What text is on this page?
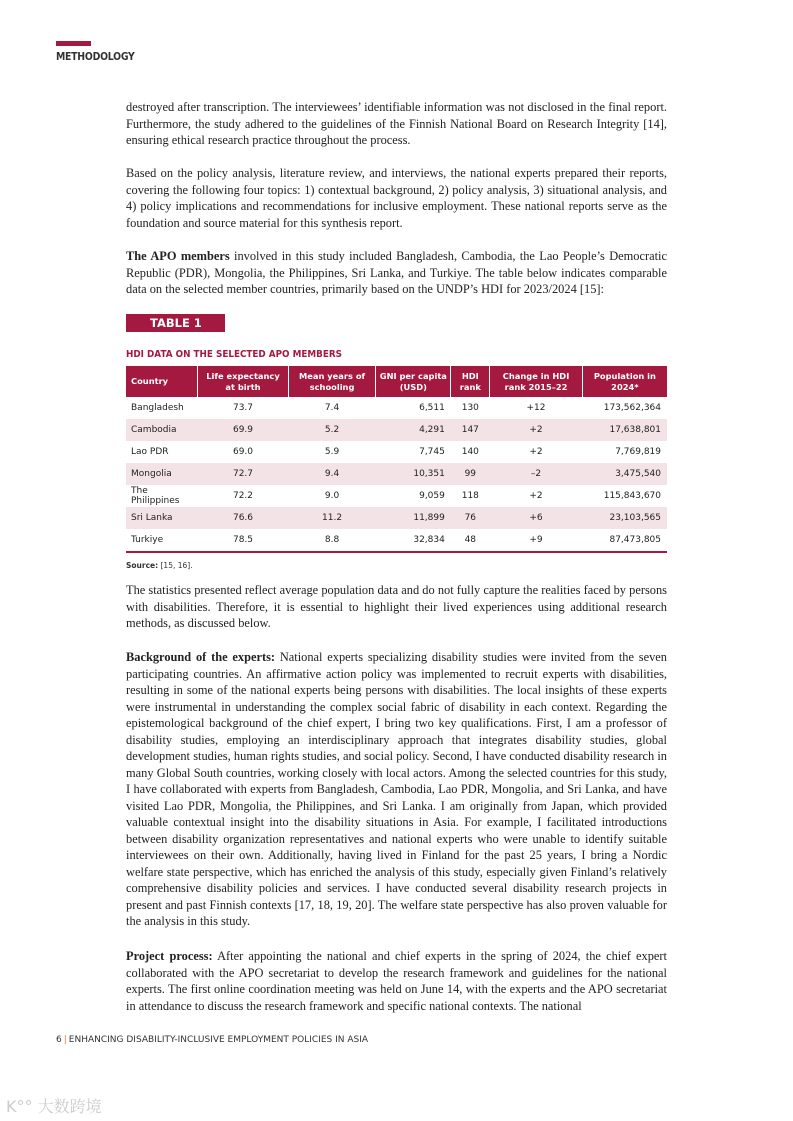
METHODOLOGY

destroyed after transcription. The interviewees’ identifiable information was not disclosed in the final report. Furthermore, the study adhered to the guidelines of the Finnish National Board on Research Integrity [14], ensuring ethical research practice throughout the process.

Based on the policy analysis, literature review, and interviews, the national experts prepared their reports, covering the following four topics: 1) contextual background, 2) policy analysis, 3) situational analysis, and 4) policy implications and recommendations for inclusive employment. These national reports serve as the foundation and source material for this synthesis report.

The APO members involved in this study included Bangladesh, Cambodia, the Lao People’s Democratic Republic (PDR), Mongolia, the Philippines, Sri Lanka, and Turkiye. The table below indicates comparable data on the selected member countries, primarily based on the UNDP’s HDI for 2023/2024 [15]:

TABLE 1
HDI DATA ON THE SELECTED APO MEMBERS
Country	Life expectancy at birth	Mean years of schooling	GNI per capita (USD)	HDI rank	Change in HDI rank 2015–22	Population in 2024*
Bangladesh	73.7	7.4	6,511	130	+12	173,562,364
Cambodia	69.9	5.2	4,291	147	+2	17,638,801
Lao PDR	69.0	5.9	7,745	140	+2	7,769,819
Mongolia	72.7	9.4	10,351	99	–2	3,475,540
The Philippines	72.2	9.0	9,059	118	+2	115,843,670
Sri Lanka	76.6	11.2	11,899	76	+6	23,103,565
Turkiye	78.5	8.8	32,834	48	+9	87,473,805
Source: [15, 16].

The statistics presented reflect average population data and do not fully capture the realities faced by persons with disabilities. Therefore, it is essential to highlight their lived experiences using additional research methods, as discussed below.

Background of the experts: National experts specializing disability studies were invited from the seven participating countries. An affirmative action policy was implemented to recruit experts with disabilities, resulting in some of the national experts being persons with disabilities. The local insights of these experts were instrumental in understanding the complex social fabric of disability in each context. Regarding the epistemological background of the chief expert, I bring two key qualifications. First, I am a professor of disability studies, employing an interdisciplinary approach that integrates disability studies, global development studies, human rights studies, and social policy. Second, I have conducted disability research in many Global South countries, working closely with local actors. Among the selected countries for this study, I have collaborated with experts from Bangladesh, Cambodia, Lao PDR, Mongolia, and Sri Lanka, and have visited Lao PDR, Mongolia, the Philippines, and Sri Lanka. I am originally from Japan, which provided valuable contextual insight into the disability situations in Asia. For example, I facilitated introductions between disability organization representatives and national experts who were unable to identify suitable interviewees on their own. Additionally, having lived in Finland for the past 25 years, I bring a Nordic welfare state perspective, which has enriched the analysis of this study, especially given Finland’s relatively comprehensive disability policies and services. I have conducted several disability research projects in present and past Finnish contexts [17, 18, 19, 20]. The welfare state perspective has also proven valuable for the analysis in this study.

Project process: After appointing the national and chief experts in the spring of 2024, the chief expert collaborated with the APO secretariat to develop the research framework and guidelines for the national experts. The first online coordination meeting was held on June 14, with the experts and the APO secretariat in attendance to discuss the research framework and specific national contexts. The national

6 | ENHANCING DISABILITY-INCLUSIVE EMPLOYMENT POLICIES IN ASIA
K°° 大数跨境
